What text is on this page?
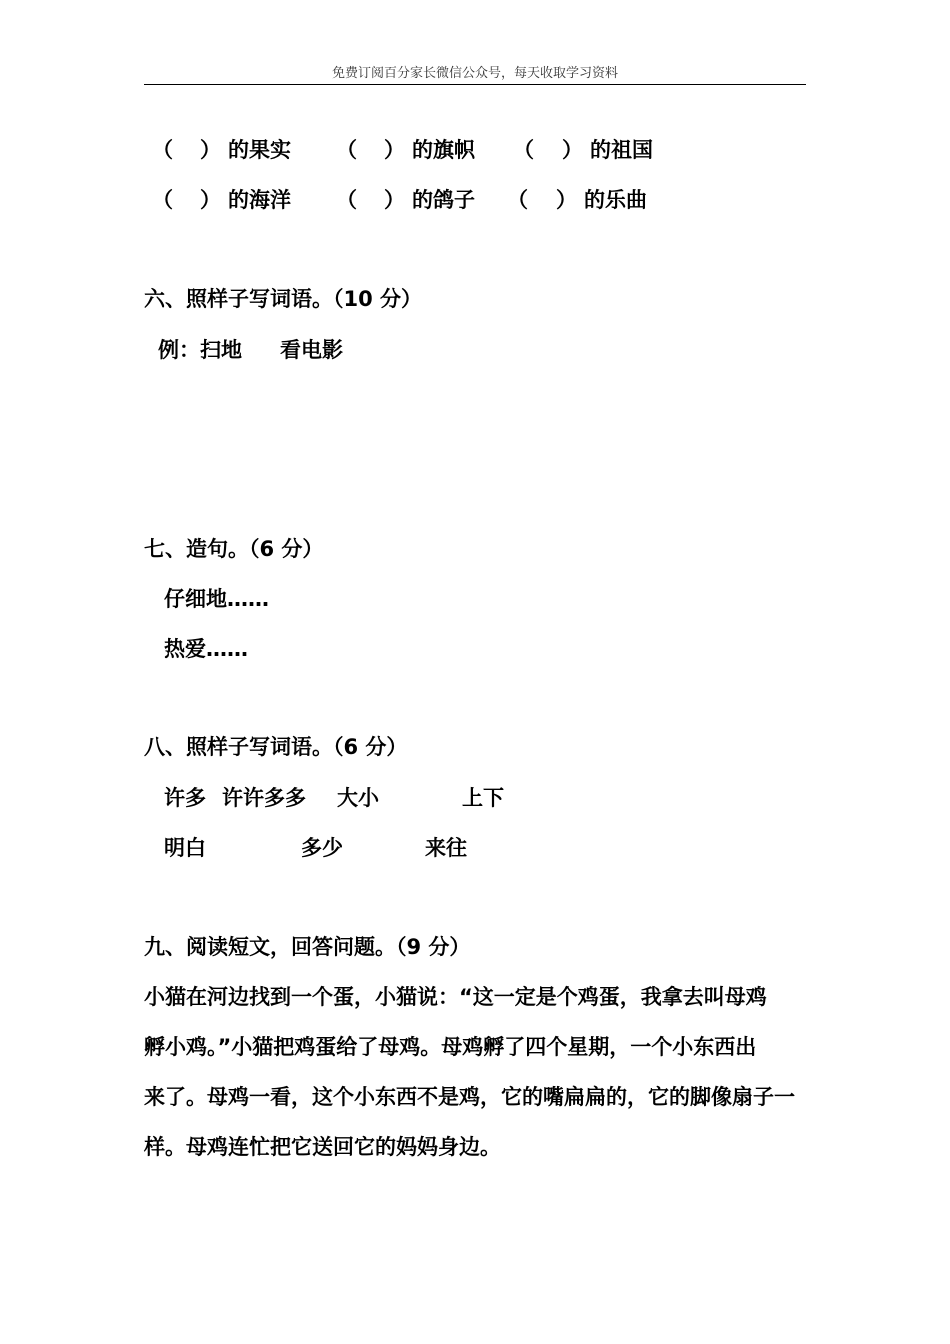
免费订阅百分家长微信公众号，每天收取学习资料
（ ） 的果实 （ ） 的旗帜 （ ） 的祖国
（ ） 的海洋 （ ） 的鸽子 （ ） 的乐曲
六、照样子写词语。（10 分）
例：扫地 看电影
七、造句。（6 分）
仔细地……
热爱……
八、照样子写词语。（6 分）
许多 许许多多 大小	上下
明白	多少	来往
九、阅读短文，回答问题。（9 分）
小猫在河边找到一个蛋，小猫说：“这一定是个鸡蛋，我拿去叫母鸡
孵小鸡。”小猫把鸡蛋给了母鸡。母鸡孵了四个星期，一个小东西出
来了。母鸡一看，这个小东西不是鸡，它的嘴扁扁的，它的脚像扇子一
样。母鸡连忙把它送回它的妈妈身边。
